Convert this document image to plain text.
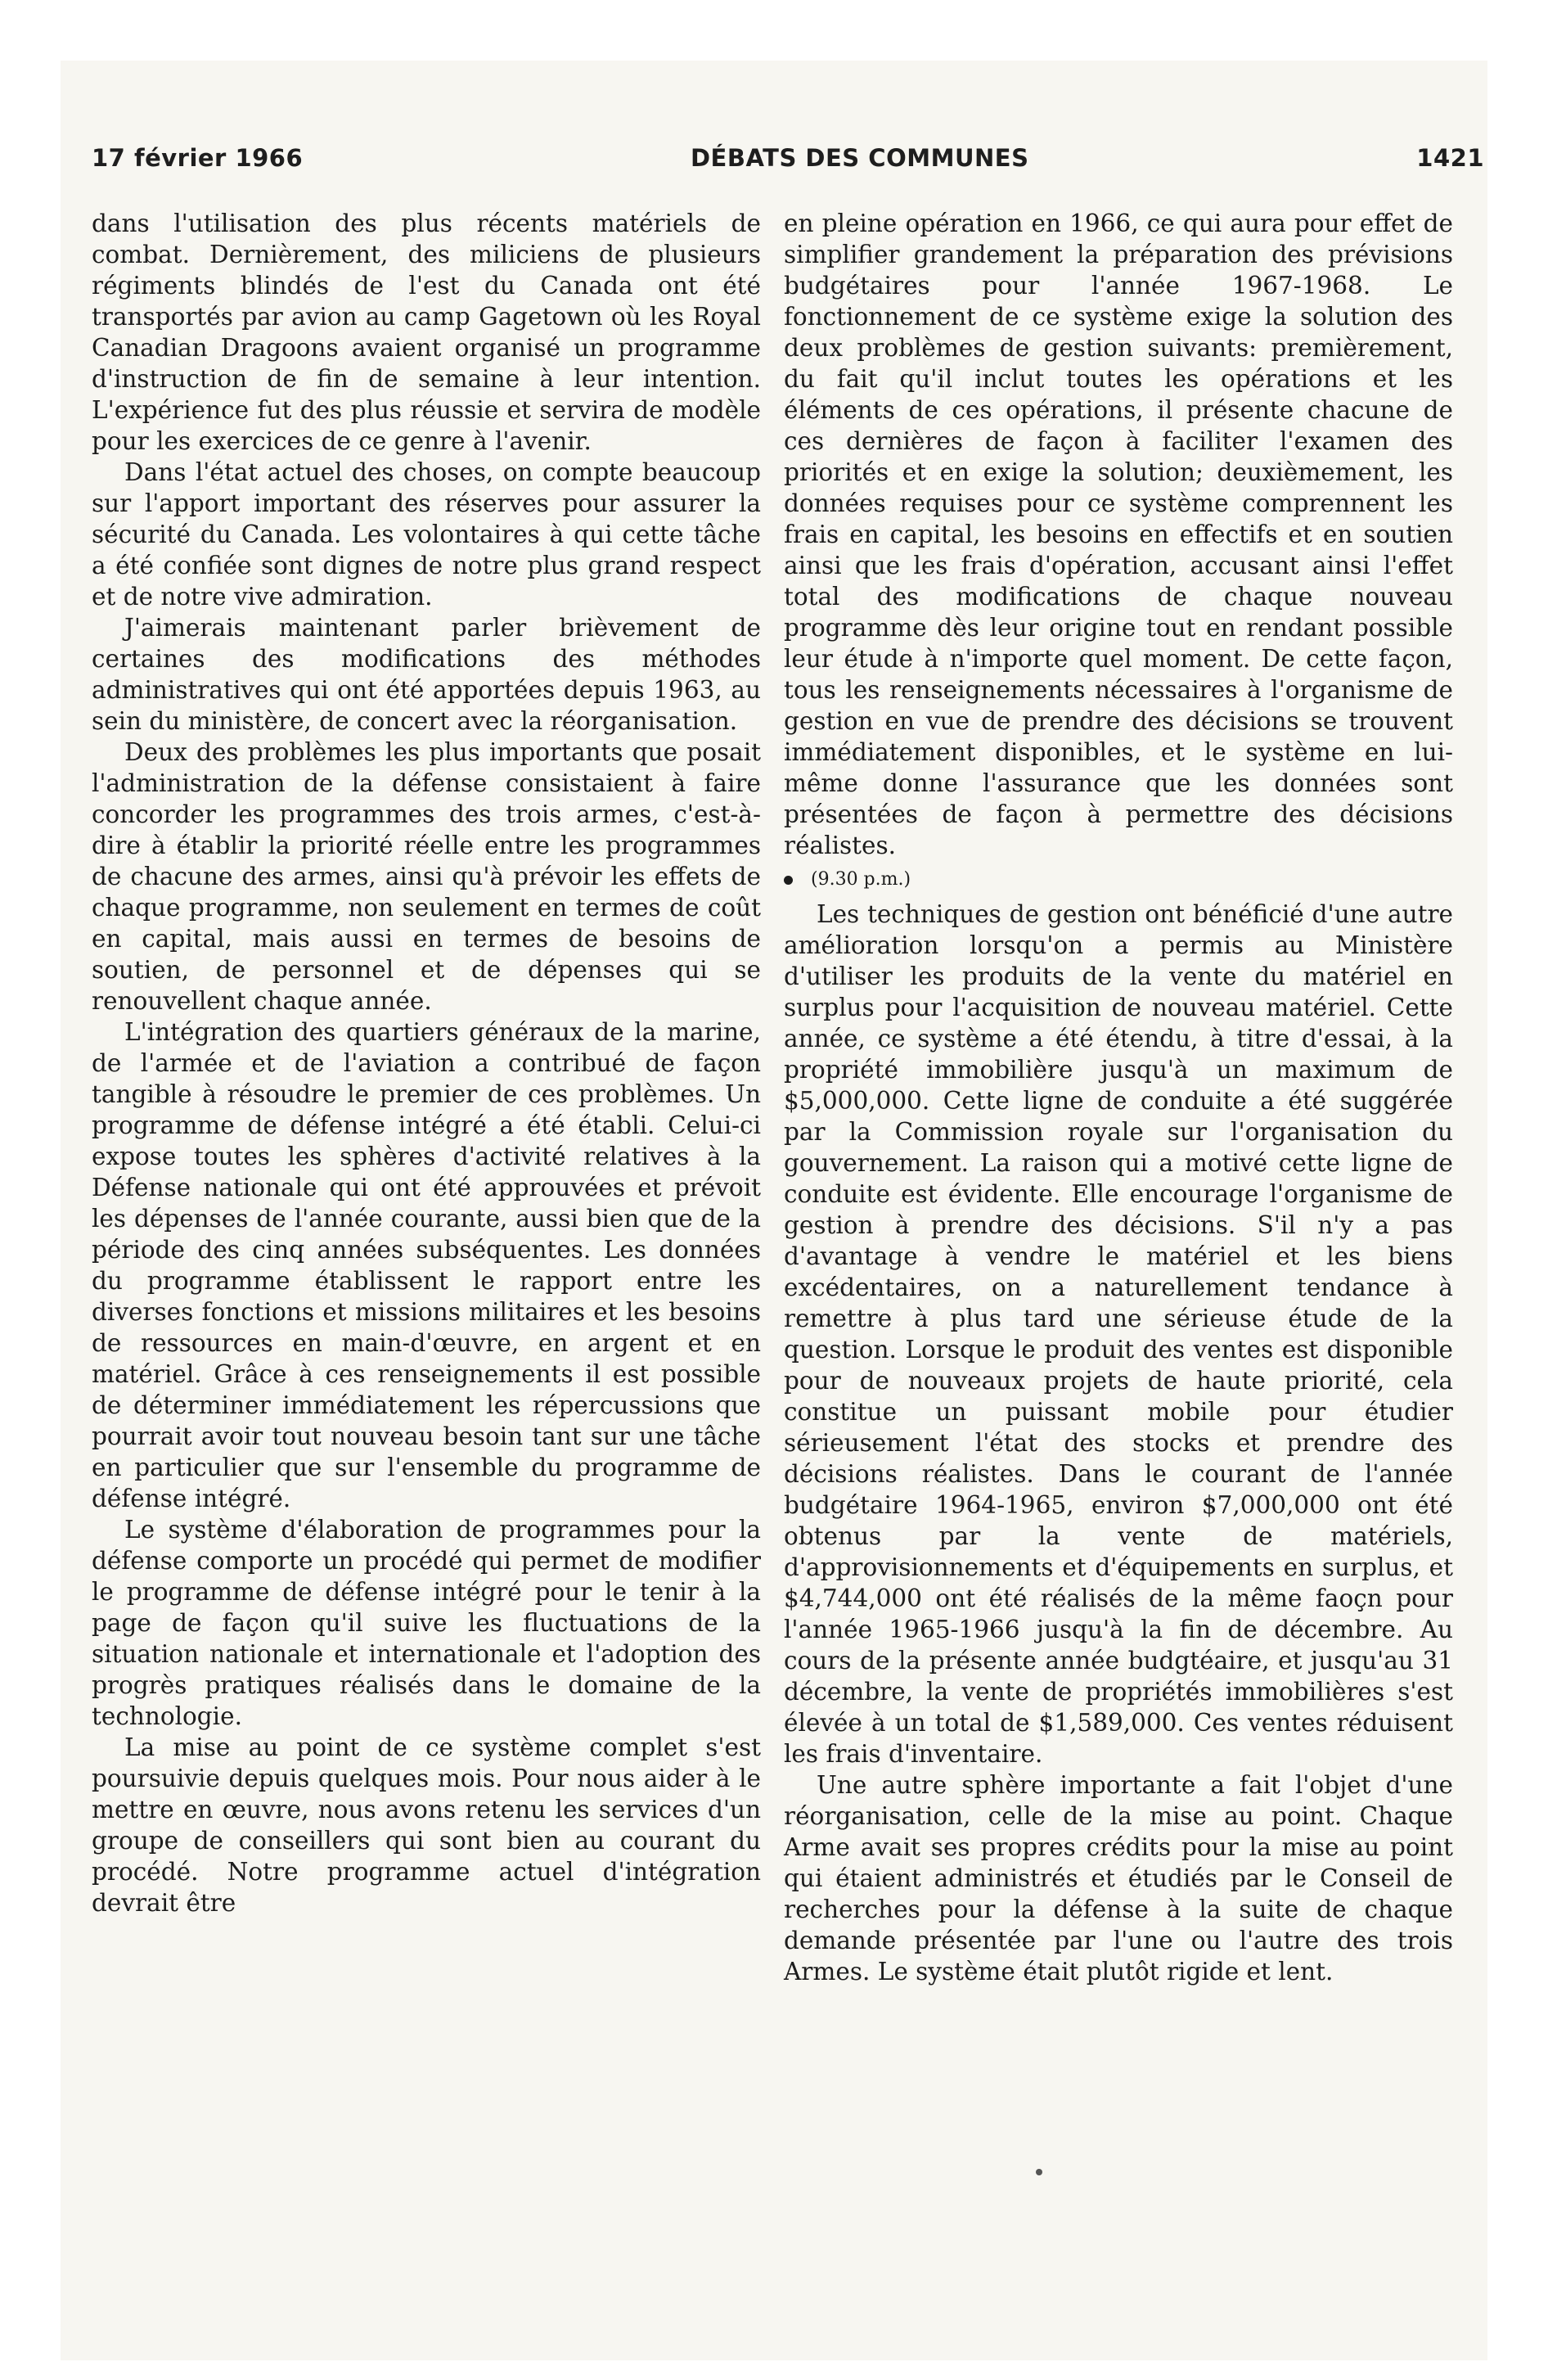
17 février 1966	DÉBATS DES COMMUNES	1421

dans l'utilisation des plus récents matériels de combat. Dernièrement, des miliciens de plusieurs régiments blindés de l'est du Canada ont été transportés par avion au camp Gagetown où les Royal Canadian Dragoons avaient organisé un programme d'instruction de fin de semaine à leur intention. L'expérience fut des plus réussie et servira de modèle pour les exercices de ce genre à l'avenir.

Dans l'état actuel des choses, on compte beaucoup sur l'apport important des réserves pour assurer la sécurité du Canada. Les volontaires à qui cette tâche a été confiée sont dignes de notre plus grand respect et de notre vive admiration.

J'aimerais maintenant parler brièvement de certaines des modifications des méthodes administratives qui ont été apportées depuis 1963, au sein du ministère, de concert avec la réorganisation.

Deux des problèmes les plus importants que posait l'administration de la défense consistaient à faire concorder les programmes des trois armes, c'est-à-dire à établir la priorité réelle entre les programmes de chacune des armes, ainsi qu'à prévoir les effets de chaque programme, non seulement en termes de coût en capital, mais aussi en termes de besoins de soutien, de personnel et de dépenses qui se renouvellent chaque année.

L'intégration des quartiers généraux de la marine, de l'armée et de l'aviation a contribué de façon tangible à résoudre le premier de ces problèmes. Un programme de défense intégré a été établi. Celui-ci expose toutes les sphères d'activité relatives à la Défense nationale qui ont été approuvées et prévoit les dépenses de l'année courante, aussi bien que de la période des cinq années subséquentes. Les données du programme établissent le rapport entre les diverses fonctions et missions militaires et les besoins de ressources en main-d'œuvre, en argent et en matériel. Grâce à ces renseignements il est possible de déterminer immédiatement les répercussions que pourrait avoir tout nouveau besoin tant sur une tâche en particulier que sur l'ensemble du programme de défense intégré.

Le système d'élaboration de programmes pour la défense comporte un procédé qui permet de modifier le programme de défense intégré pour le tenir à la page de façon qu'il suive les fluctuations de la situation nationale et internationale et l'adoption des progrès pratiques réalisés dans le domaine de la technologie.

La mise au point de ce système complet s'est poursuivie depuis quelques mois. Pour nous aider à le mettre en œuvre, nous avons retenu les services d'un groupe de conseillers qui sont bien au courant du procédé. Notre programme actuel d'intégration devrait être

en pleine opération en 1966, ce qui aura pour effet de simplifier grandement la préparation des prévisions budgétaires pour l'année 1967-1968. Le fonctionnement de ce système exige la solution des deux problèmes de gestion suivants: premièrement, du fait qu'il inclut toutes les opérations et les éléments de ces opérations, il présente chacune de ces dernières de façon à faciliter l'examen des priorités et en exige la solution; deuxièmement, les données requises pour ce système comprennent les frais en capital, les besoins en effectifs et en soutien ainsi que les frais d'opération, accusant ainsi l'effet total des modifications de chaque nouveau programme dès leur origine tout en rendant possible leur étude à n'importe quel moment. De cette façon, tous les renseignements nécessaires à l'organisme de gestion en vue de prendre des décisions se trouvent immédiatement disponibles, et le système en lui-même donne l'assurance que les données sont présentées de façon à permettre des décisions réalistes.

(9.30 p.m.)

Les techniques de gestion ont bénéficié d'une autre amélioration lorsqu'on a permis au Ministère d'utiliser les produits de la vente du matériel en surplus pour l'acquisition de nouveau matériel. Cette année, ce système a été étendu, à titre d'essai, à la propriété immobilière jusqu'à un maximum de $5,000,000. Cette ligne de conduite a été suggérée par la Commission royale sur l'organisation du gouvernement. La raison qui a motivé cette ligne de conduite est évidente. Elle encourage l'organisme de gestion à prendre des décisions. S'il n'y a pas d'avantage à vendre le matériel et les biens excédentaires, on a naturellement tendance à remettre à plus tard une sérieuse étude de la question. Lorsque le produit des ventes est disponible pour de nouveaux projets de haute priorité, cela constitue un puissant mobile pour étudier sérieusement l'état des stocks et prendre des décisions réalistes. Dans le courant de l'année budgétaire 1964-1965, environ $7,000,000 ont été obtenus par la vente de matériels, d'approvisionnements et d'équipements en surplus, et $4,744,000 ont été réalisés de la même faoçn pour l'année 1965-1966 jusqu'à la fin de décembre. Au cours de la présente année budgtéaire, et jusqu'au 31 décembre, la vente de propriétés immobilières s'est élevée à un total de $1,589,000. Ces ventes réduisent les frais d'inventaire.

Une autre sphère importante a fait l'objet d'une réorganisation, celle de la mise au point. Chaque Arme avait ses propres crédits pour la mise au point qui étaient administrés et étudiés par le Conseil de recherches pour la défense à la suite de chaque demande présentée par l'une ou l'autre des trois Armes. Le système était plutôt rigide et lent.
